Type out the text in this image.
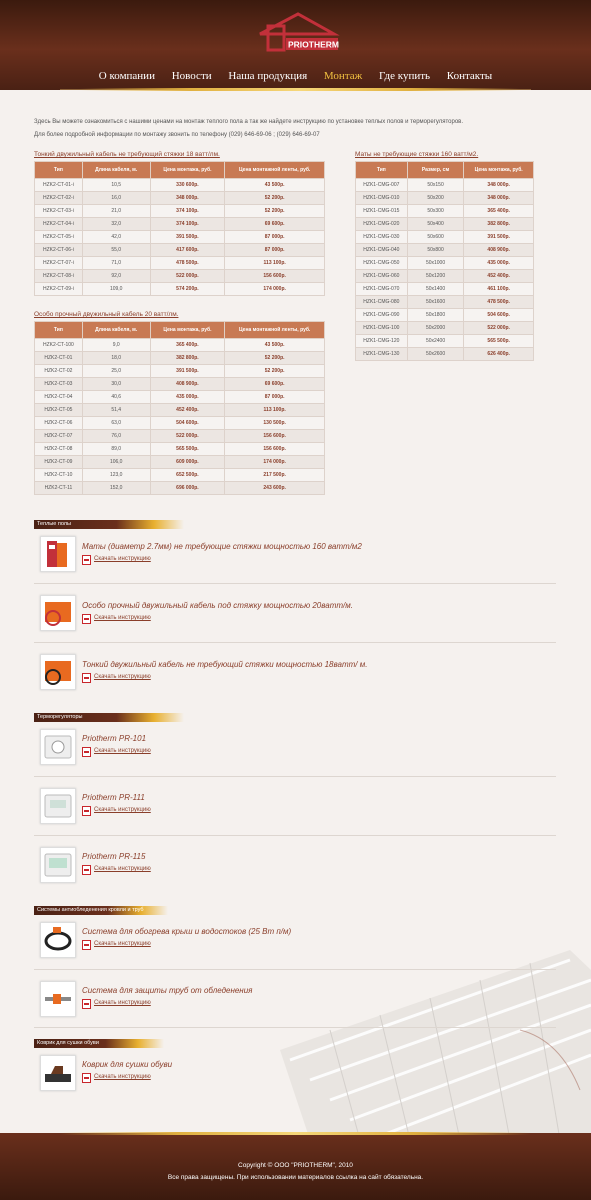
PRIOTHERM
О компании Новости Наша продукция Монтаж Где купить Контакты
Здесь Вы можете ознакомиться с нашими ценами на монтаж теплого пола а так же найдете инструкцию по установке теплых полов и терморегуляторов.
Для более подробной информации по монтажу звонить по телефону (029) 646-69-06 ; (029) 646-69-07
Тонкий двужильный кабель не требующий стяжки 18 ватт/лм.
Тип	Длина кабеля, м.	Цена монтажа, руб.	Цена монтажной ленты, руб.
HZK2-CT-01-i	10,5	330 600р.	43 500р.
HZK2-CT-02-i	16,0	348 000р.	52 200р.
HZK2-CT-03-i	21,0	374 100р.	52 200р.
HZK2-CT-04-i	32,0	374 100р.	69 600р.
HZK2-CT-05-i	42,0	391 500р.	87 000р.
HZK2-CT-06-i	55,0	417 600р.	87 000р.
HZK2-CT-07-i	71,0	478 500р.	113 100р.
HZK2-CT-08-i	92,0	522 000р.	156 600р.
HZK2-CT-09-i	109,0	574 200р.	174 000р.
Особо прочный двужильный кабель 20 ватт/лм.
Тип	Длина кабеля, м.	Цена монтажа, руб.	Цена монтажной ленты, руб.
HZK2-CT-100	9,0	365 400р.	43 500р.
HZK2-CT-01	18,0	382 800р.	52 200р.
HZK2-CT-02	25,0	391 500р.	52 200р.
HZK2-CT-03	30,0	408 900р.	69 600р.
HZK2-CT-04	40,6	435 000р.	87 000р.
HZK2-CT-05	51,4	452 400р.	113 100р.
HZK2-CT-06	63,0	504 600р.	130 500р.
HZK2-CT-07	76,0	522 000р.	156 600р.
HZK2-CT-08	89,0	565 500р.	156 600р.
HZK2-CT-09	106,0	609 000р.	174 000р.
HZK2-CT-10	123,0	652 500р.	217 500р.
HZK2-CT-11	152,0	696 000р.	243 600р.
Маты не требующие стяжки 160 ватт/м2.
Тип	Размер, см	Цена монтажа, руб.
HZK1-CMG-007	50x150	348 000р.
HZK1-CMG-010	50x200	348 000р.
HZK1-CMG-015	50x300	365 400р.
HZK1-CMG-020	50x400	382 800р.
HZK1-CMG-030	50x600	391 500р.
HZK1-CMG-040	50x800	408 900р.
HZK1-CMG-050	50x1000	435 000р.
HZK1-CMG-060	50x1200	452 400р.
HZK1-CMG-070	50x1400	461 100р.
HZK1-CMG-080	50x1600	478 500р.
HZK1-CMG-090	50x1800	504 600р.
HZK1-CMG-100	50x2000	522 000р.
HZK1-CMG-120	50x2400	565 500р.
HZK1-CMG-130	50x2600	626 400р.
Теплые полы
Маты (диаметр 2.7мм) не требующие стяжки мощностью 160 ватт/м2
Скачать инструкцию
Особо прочный двужильный кабель под стяжку мощностью 20ватт/м.
Скачать инструкцию
Тонкий двужильный кабель не требующий стяжки мощностью 18ватт/ м.
Скачать инструкцию
Терморегуляторы
Priotherm PR-101
Скачать инструкцию
Priotherm PR-111
Скачать инструкцию
Priotherm PR-115
Скачать инструкцию
Системы антиобледенения кровли и труб
Система для обогрева крыш и водостоков (25 Вт п/м)
Скачать инструкцию
Система для защиты труб от обледенения
Скачать инструкцию
Коврик для сушки обуви
Коврик для сушки обуви
Скачать инструкцию
Copyright © ООО "PRIOTHERM", 2010
Все права защищены. При использовании материалов ссылка на сайт обязательна.
